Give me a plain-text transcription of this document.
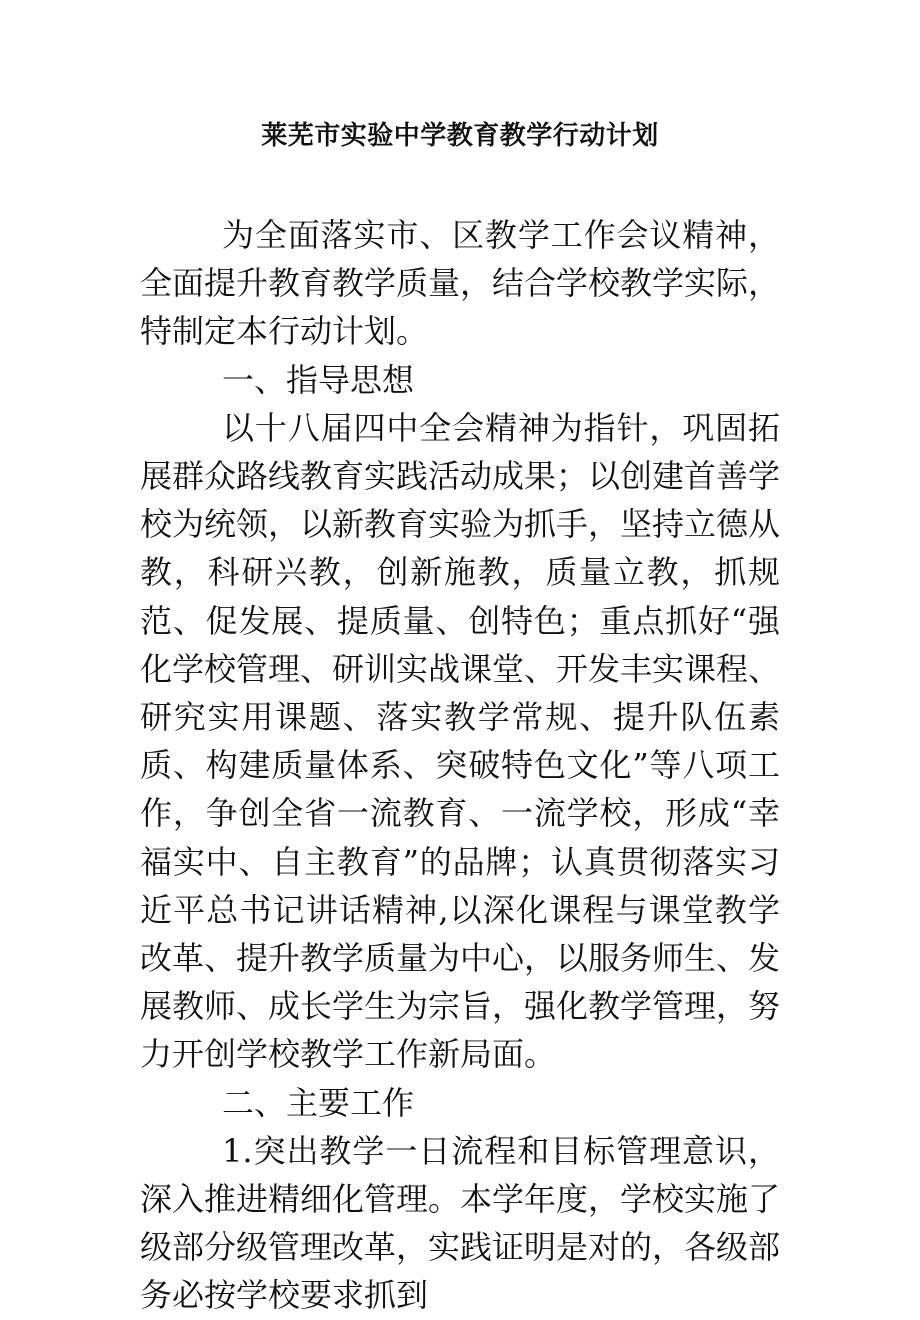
莱芜市实验中学教育教学行动计划

为全面落实市、区教学工作会议精神，全面提升教育教学质量，结合学校教学实际，特制定本行动计划。

一、指导思想

以十八届四中全会精神为指针，巩固拓展群众路线教育实践活动成果；以创建首善学校为统领，以新教育实验为抓手，坚持立德从教，科研兴教，创新施教，质量立教，抓规范、促发展、提质量、创特色；重点抓好“强化学校管理、研训实战课堂、开发丰实课程、研究实用课题、落实教学常规、提升队伍素质、构建质量体系、突破特色文化”等八项工作，争创全省一流教育、一流学校，形成“幸福实中、自主教育”的品牌；认真贯彻落实习近平总书记讲话精神,以深化课程与课堂教学改革、提升教学质量为中心，以服务师生、发展教师、成长学生为宗旨，强化教学管理，努力开创学校教学工作新局面。

二、主要工作

1.突出教学一日流程和目标管理意识，深入推进精细化管理。本学年度，学校实施了级部分级管理改革，实践证明是对的，各级部务必按学校要求抓到
